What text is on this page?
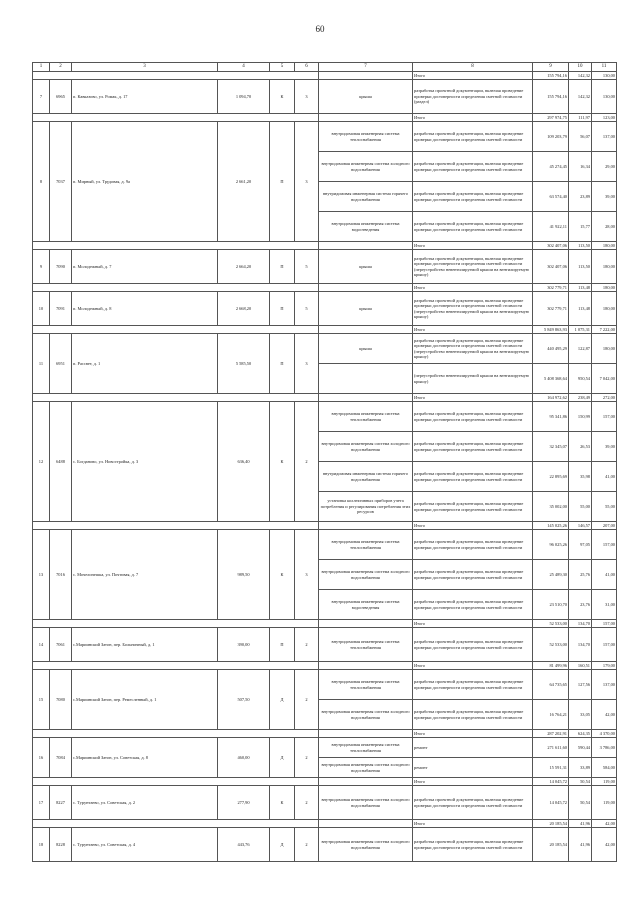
60
1	2	3	4	5	6	7	8	9	10	11
							Итого	155 794,16	142,32	130,00
7	6965	п. Кавказово, ул. Ромак, д. 17	1 094,70	К	3	крыша	разработка проектной документации, включая проведение проверки достоверности определения сметной стоимости (раздел)	155 794,16	142,32	130,00
							Итого	297 974,75	111,97	123,00
8	7037	п. Мирный, ул. Трудовая, д. 9а	2 661,20	П	3	внутридомовая инженерная система теплоснабжения	разработка проектной документации, включая проведение проверки достоверности определения сметной стоимости	109 203,79	56,07	137,00
						внутридомовая инженерная система холодного водоснабжения	разработка проектной документации, включая проведение проверки достоверности определения сметной стоимости	45 274,45	16,34	29,00
						внутридомовая инженерная система горячего водоснабжения	разработка проектной документации, включая проведение проверки достоверности определения сметной стоимости	63 574,40	23,89	39,00
						внутридомовая инженерная система водоотведения	разработка проектной документации, включая проведение проверки достоверности определения сметной стоимости	41 922,11	15,77	28,00
							Итого	302 407,06	113,50	180,00
9	7090	п. Молодежный, д. 7	2 664,20	П	5	крыша	разработка проектной документации, включая проведение проверки достоверности определения сметной стоимости (переустройство невентилируемой крыши на вентилируемую крышу)	302 407,06	113,50	180,00
							Итого	302 779,71	113,48	180,00
10	7091	п. Молодежный, д. 8	2 668,20	П	5	крыша	разработка проектной документации, включая проведение проверки достоверности определения сметной стоимости (переустройство невентилируемой крыши на вентилируемую крышу)	302 779,71	113,48	180,00
							Итого	5 849 863,93	1 075,31	7 222,00
11	6951	п. Рассвет, д. 1	5 585,50	П	3	крыша	разработка проектной документации, включая проведение проверки достоверности определения сметной стоимости (переустройство невентилируемой крыши на вентилируемую крышу)	440 495,29	122,87	180,00
							(переустройство невентилируемой крыши на вентилируемую крышу)	5 408 368,64	950,54	7 042,00
							Итого	164 972,62	238,49	272,00
12	6488	с. Богданово, ул. Новостройка, д. 3	636,40	К	2	внутридомовая инженерная система теплоснабжения	разработка проектной документации, включая проведение проверки достоверности определения сметной стоимости	95 341,86	150,99	157,00
						внутридомовая инженерная система холодного водоснабжения	разработка проектной документации, включая проведение проверки достоверности определения сметной стоимости	32 345,07	26,53	39,00
						внутридомовая инженерная система горячего водоснабжения	разработка проектной документации, включая проведение проверки достоверности определения сметной стоимости	22 895,69	35,98	41,00
						установка коллективных приборов учета потребления и регулирования потребления этих ресурсов	разработка проектной документации, включая проведение проверки достоверности определения сметной стоимости	35 002,00	55,00	55,00
							Итого	145 025,26	146,57	207,00
13	7016	с. Мочеличешка, ул. Почтовая, д. 7	989,50	К	3	внутридомовая инженерная система теплоснабжения	разработка проектной документации, включая проведение проверки достоверности определения сметной стоимости	96 025,26	97,05	157,00
						внутридомовая инженерная система холодного водоснабжения	разработка проектной документации, включая проведение проверки достоверности определения сметной стоимости	25 489,30	25,76	41,00
						внутридомовая инженерная система водоотведения	разработка проектной документации, включая проведение проверки достоверности определения сметной стоимости	23 510,70	23,76	31,00
							Итого	52 533,00	134,70	157,00
14	7061	с.Мариинский Затон, пер. Больничный, д. 1	390,00	П	2	внутридомовая инженерная система теплоснабжения	разработка проектной документации, включая проведение проверки достоверности определения сметной стоимости	52 533,00	134,70	157,00
							Итого	81 499,96	160,51	179,00
15	7080	с.Мариинский Затон, пер. Ремесленный, д. 1	507,50	Д	2	внутридомовая инженерная система теплоснабжения	разработка проектной документации, включая проведение проверки достоверности определения сметной стоимости	64 735,65	127,56	137,00
						внутридомовая инженерная система холодного водоснабжения	разработка проектной документации, включая проведение проверки достоверности определения сметной стоимости	16 764,21	33,05	42,00
							Итого	287 202,91	624,35	4 370,00
16	7084	с.Мариинский Затон, ул. Советская, д. 8	460,00	Д	2	внутридомовая инженерная система теплоснабжения	ремонт	271 611,60	590,44	3 786,00
						внутридомовая инженерная система холодного водоснабжения	ремонт	15 591,31	33,89	584,00
							Итого	14 045,72	50,54	119,00
17	8227	с. Турунтаево, ул. Советская, д. 2	277,90	К	2	внутридомовая инженерная система холодного водоснабжения	разработка проектной документации, включая проведение проверки достоверности определения сметной стоимости	14 045,72	50,54	119,00
							Итого	20 185,54	41,96	42,00
18	8228	с. Турунтаево, ул. Советская, д. 4	443,76	Д	2	внутридомовая инженерная система холодного водоснабжения	разработка проектной документации, включая проведение проверки достоверности определения сметной стоимости	20 185,54	41,96	42,00
